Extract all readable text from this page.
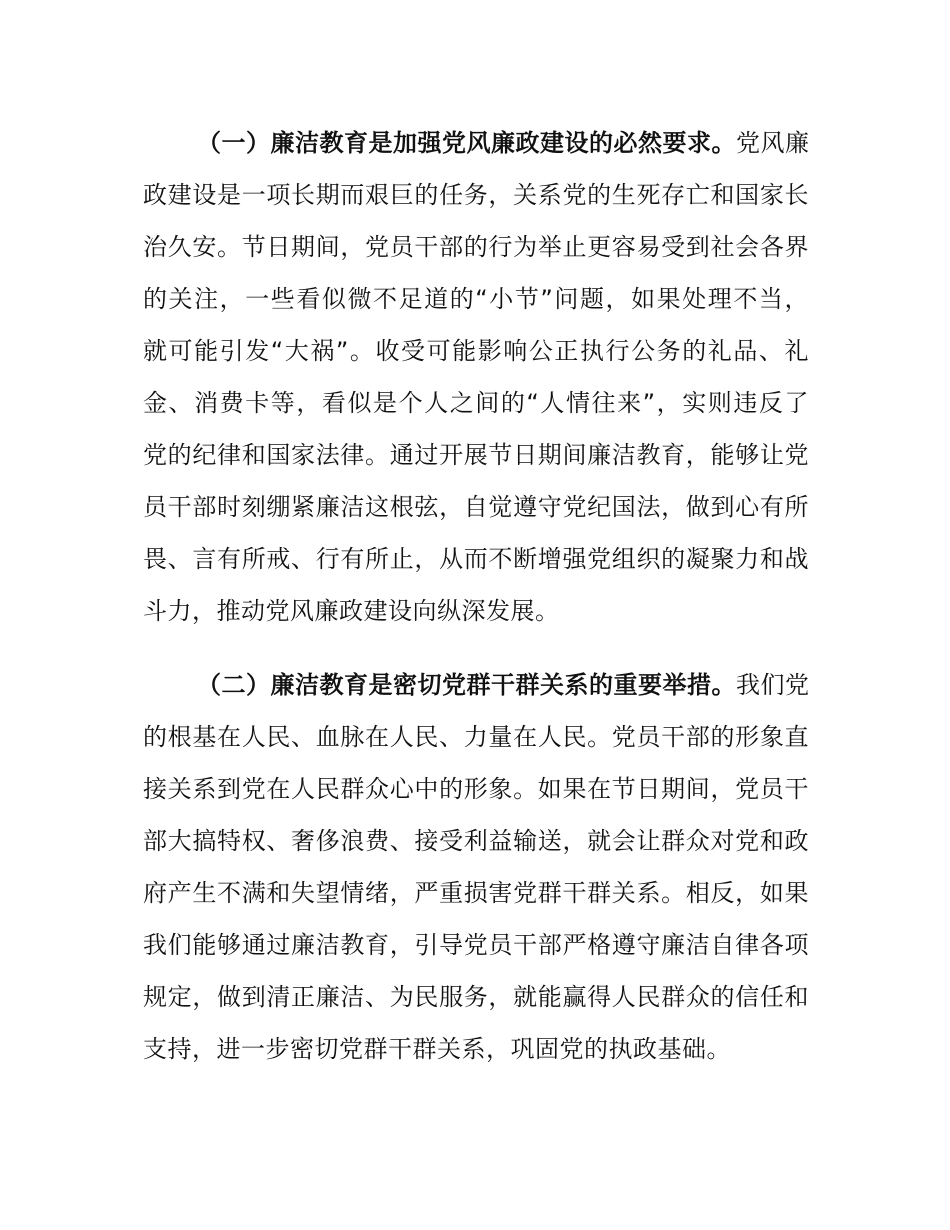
（一）廉洁教育是加强党风廉政建设的必然要求。党风廉
政建设是一项长期而艰巨的任务，关系党的生死存亡和国家长
治久安。节日期间，党员干部的行为举止更容易受到社会各界
的关注，一些看似微不足道的“小节”问题，如果处理不当，
就可能引发“大祸”。收受可能影响公正执行公务的礼品、礼
金、消费卡等，看似是个人之间的“人情往来”，实则违反了
党的纪律和国家法律。通过开展节日期间廉洁教育，能够让党
员干部时刻绷紧廉洁这根弦，自觉遵守党纪国法，做到心有所
畏、言有所戒、行有所止，从而不断增强党组织的凝聚力和战
斗力，推动党风廉政建设向纵深发展。
（二）廉洁教育是密切党群干群关系的重要举措。我们党
的根基在人民、血脉在人民、力量在人民。党员干部的形象直
接关系到党在人民群众心中的形象。如果在节日期间，党员干
部大搞特权、奢侈浪费、接受利益输送，就会让群众对党和政
府产生不满和失望情绪，严重损害党群干群关系。相反，如果
我们能够通过廉洁教育，引导党员干部严格遵守廉洁自律各项
规定，做到清正廉洁、为民服务，就能赢得人民群众的信任和
支持，进一步密切党群干群关系，巩固党的执政基础。
